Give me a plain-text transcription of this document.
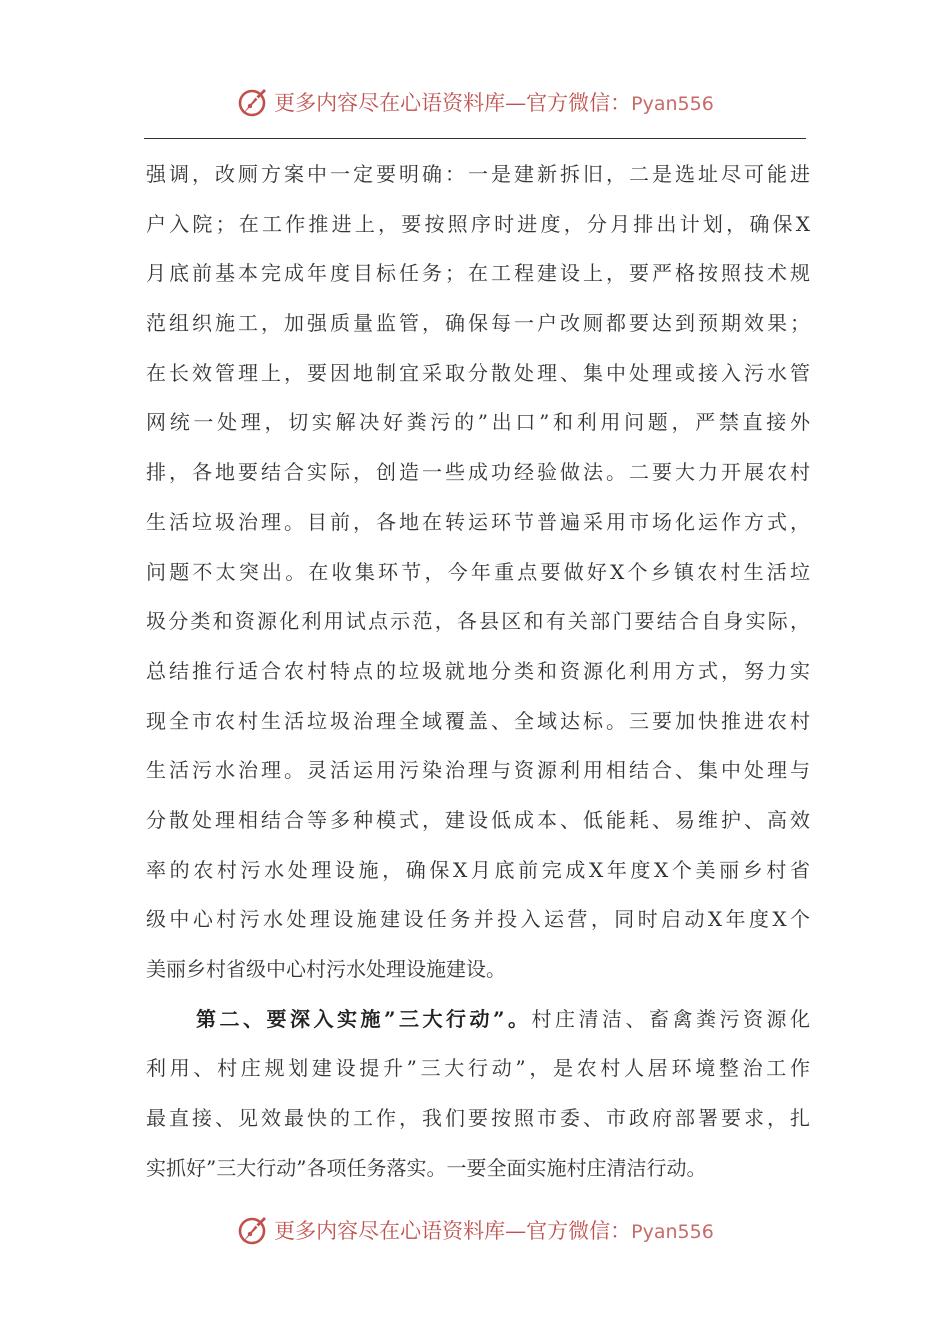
更多内容尽在心语资料库—官方微信：Pyan556
强调，改厕方案中一定要明确：一是建新拆旧，二是选址尽可能进
户入院；在工作推进上，要按照序时进度，分月排出计划，确保X
月底前基本完成年度目标任务；在工程建设上，要严格按照技术规
范组织施工，加强质量监管，确保每一户改厕都要达到预期效果；
在长效管理上，要因地制宜采取分散处理、集中处理或接入污水管
网统一处理，切实解决好粪污的”出口”和利用问题，严禁直接外
排，各地要结合实际，创造一些成功经验做法。二要大力开展农村
生活垃圾治理。目前，各地在转运环节普遍采用市场化运作方式，
问题不太突出。在收集环节，今年重点要做好X个乡镇农村生活垃
圾分类和资源化利用试点示范，各县区和有关部门要结合自身实际，
总结推行适合农村特点的垃圾就地分类和资源化利用方式，努力实
现全市农村生活垃圾治理全域覆盖、全域达标。三要加快推进农村
生活污水治理。灵活运用污染治理与资源利用相结合、集中处理与
分散处理相结合等多种模式，建设低成本、低能耗、易维护、高效
率的农村污水处理设施，确保X月底前完成X年度X个美丽乡村省
级中心村污水处理设施建设任务并投入运营，同时启动X年度X个
美丽乡村省级中心村污水处理设施建设。
第二、要深入实施”三大行动”。村庄清洁、畜禽粪污资源化
利用、村庄规划建设提升”三大行动”，是农村人居环境整治工作
最直接、见效最快的工作，我们要按照市委、市政府部署要求，扎
实抓好”三大行动”各项任务落实。一要全面实施村庄清洁行动。
更多内容尽在心语资料库—官方微信：Pyan556
